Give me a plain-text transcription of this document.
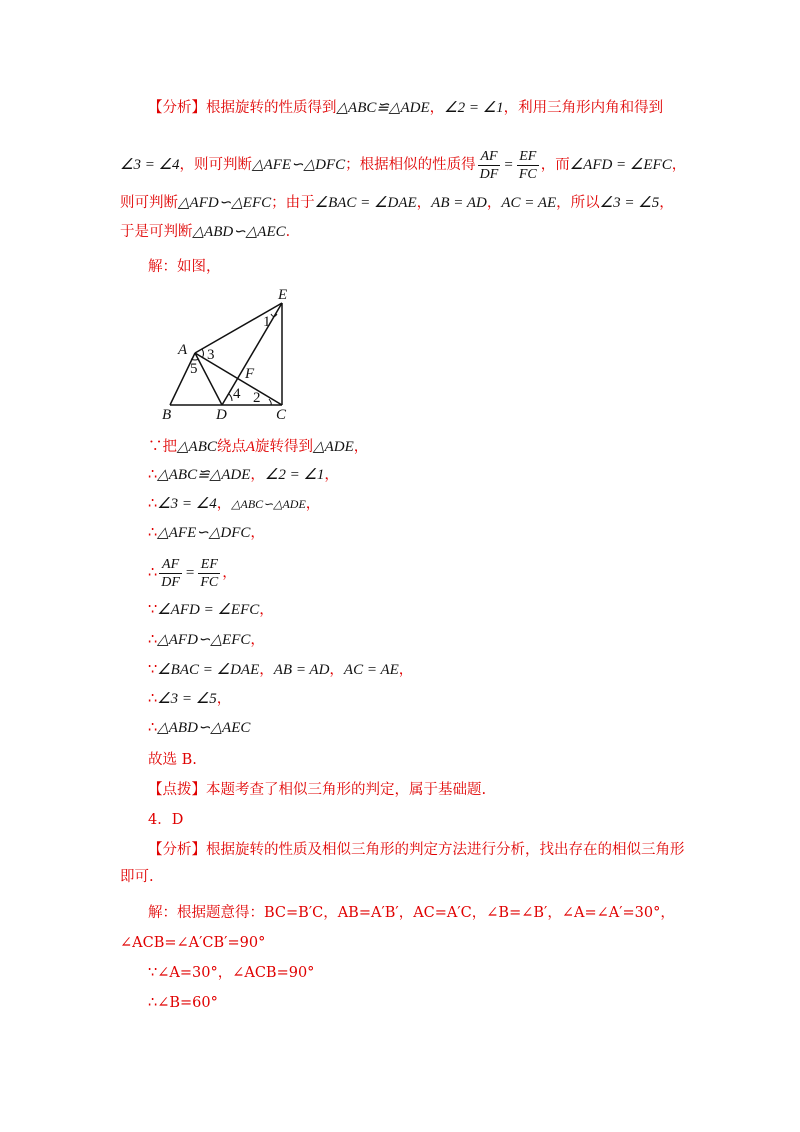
【分析】根据旋转的性质得到△ABC≌△ADE，∠2 = ∠1，利用三角形内角和得到
∠3 = ∠4，则可判断△AFE∽△DFC；根据相似的性质得 $\frac{AF}{DF} = \frac{EF}{FC}$ ，而∠AFD = ∠EFC，
则可判断△AFD∽△EFC；由于∠BAC = ∠DAE，AB = AD，AC = AE，所以∠3 = ∠5，
于是可判断△ABD∽△AEC．
解：如图，
E
A
F
B	D	C
1
2
3
4
5
∵把△ABC绕点A旋转得到△ADE，
∴△ABC≌△ADE，∠2 = ∠1，
∴∠3 = ∠4，△ABC∽△ADE，
∴△AFE∽△DFC，
∴ $\frac{AF}{DF} = \frac{EF}{FC}$ ，
∵∠AFD = ∠EFC，
∴△AFD∽△EFC，
∵∠BAC = ∠DAE，AB = AD，AC = AE，
∴∠3 = ∠5，
∴△ABD∽△AEC
故选 B.
【点拨】本题考查了相似三角形的判定，属于基础题.
4．D
【分析】根据旋转的性质及相似三角形的判定方法进行分析，找出存在的相似三角形
即可.
解：根据题意得：BC=B′C，AB=A′B′，AC=A′C，∠B=∠B′，∠A=∠A′=30°，
∠ACB=∠A′CB′=90°
∵∠A=30°，∠ACB=90°
∴∠B=60°
